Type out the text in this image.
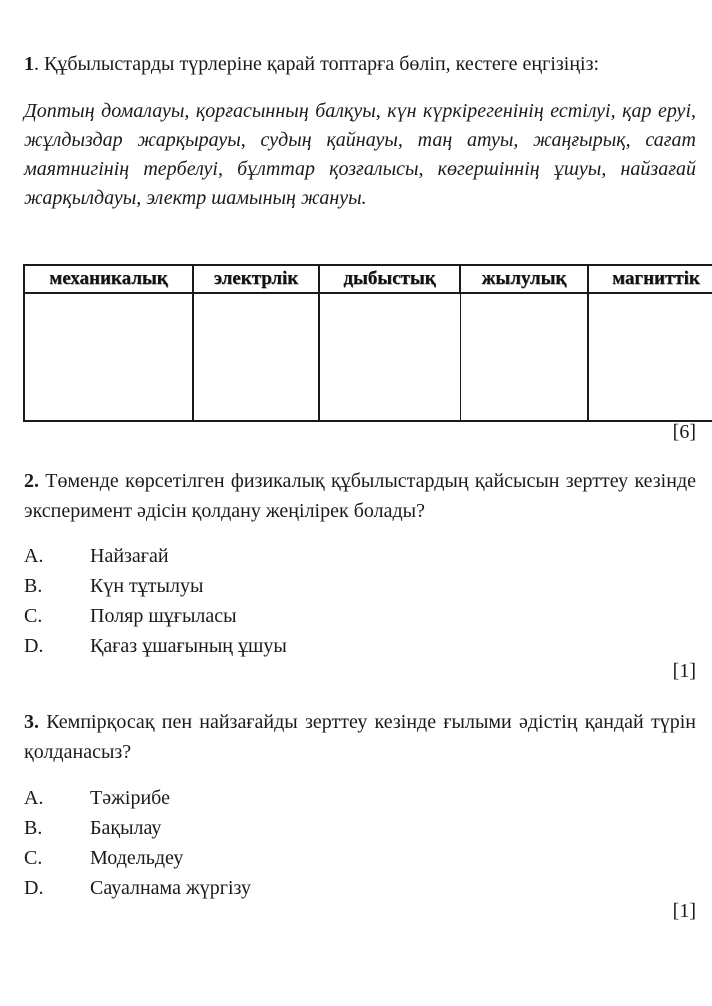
1. Құбылыстарды түрлеріне қарай топтарға бөліп, кестеге еңгізіңіз:
Доптың домалауы, қорғасынның балқуы, күн күркірегенінің естілуі, қар еруі, жұлдыздар жарқырауы, судың қайнауы, таң атуы, жаңғырық, сағат маятнигінің тербелуі, бұлттар қозғалысы, көгершіннің ұшуы, найзағай жарқылдауы, электр шамының жануы.
механикалық	электрлік	дыбыстық	жылулық	магниттік

[6]
2. Төменде көрсетілген физикалық құбылыстардың қайсысын зерттеу кезінде эксперимент әдісін қолдану жеңілірек болады?
A.	Найзағай
B.	Күн тұтылуы
C.	Поляр шұғыласы
D.	Қағаз ұшағының ұшуы
[1]
3. Кемпірқосақ пен найзағайды зерттеу кезінде ғылыми әдістің қандай түрін қолданасыз?
A.	Тәжірибе
B.	Бақылау
C.	Модельдеу
D.	Сауалнама жүргізу
[1]
